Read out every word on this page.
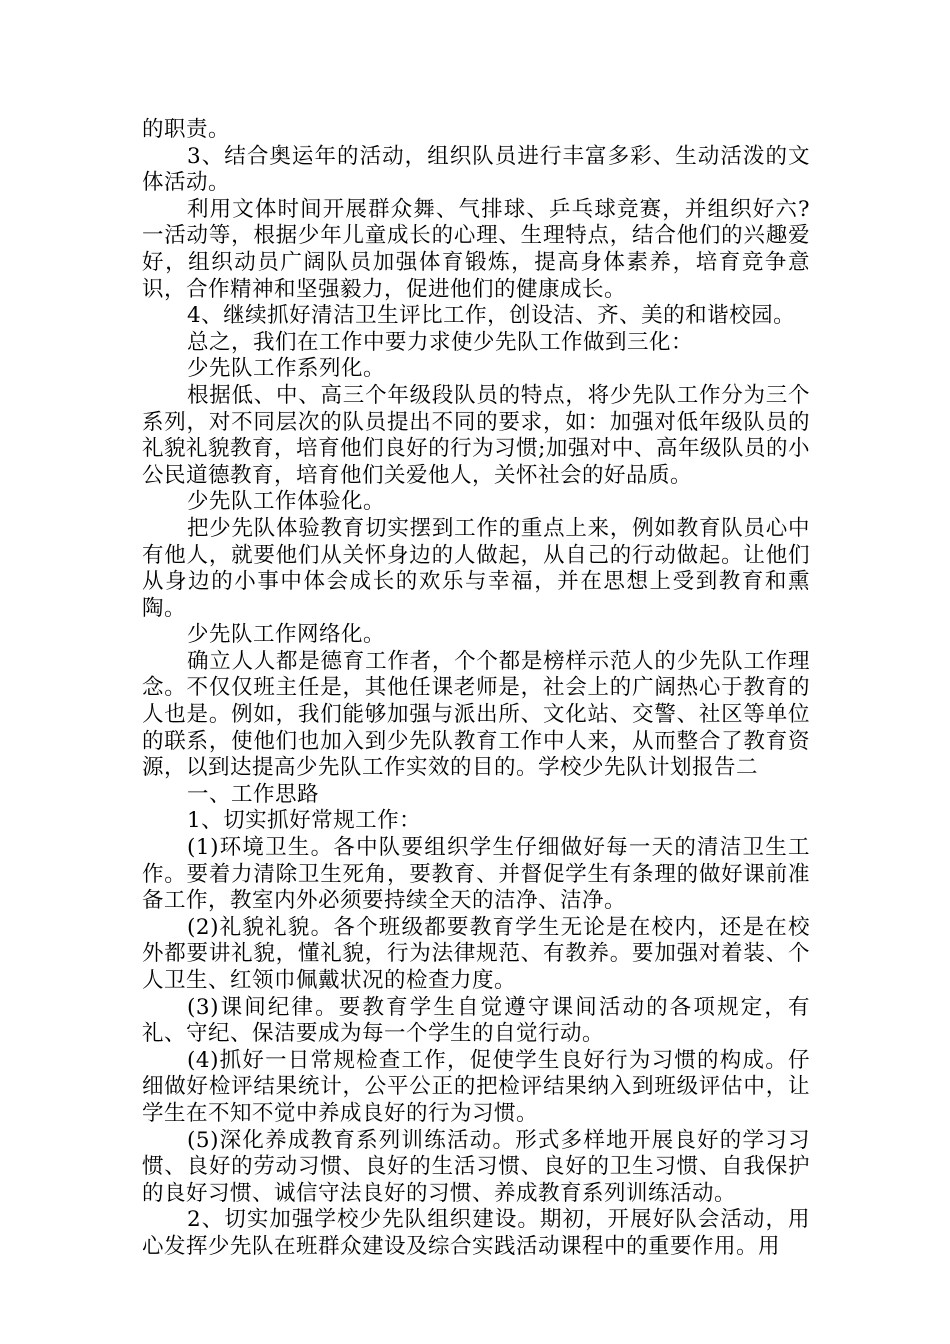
的职责。

3、结合奥运年的活动，组织队员进行丰富多彩、生动活泼的文体活动。

利用文体时间开展群众舞、气排球、乒乓球竞赛，并组织好六?一活动等，根据少年儿童成长的心理、生理特点，结合他们的兴趣爱好，组织动员广阔队员加强体育锻炼，提高身体素养，培育竞争意识，合作精神和坚强毅力，促进他们的健康成长。

4、继续抓好清洁卫生评比工作，创设洁、齐、美的和谐校园。

总之，我们在工作中要力求使少先队工作做到三化：

少先队工作系列化。

根据低、中、高三个年级段队员的特点，将少先队工作分为三个系列，对不同层次的队员提出不同的要求，如：加强对低年级队员的礼貌礼貌教育，培育他们良好的行为习惯;加强对中、高年级队员的小公民道德教育，培育他们关爱他人，关怀社会的好品质。

少先队工作体验化。

把少先队体验教育切实摆到工作的重点上来，例如教育队员心中有他人，就要他们从关怀身边的人做起，从自己的行动做起。让他们从身边的小事中体会成长的欢乐与幸福，并在思想上受到教育和熏陶。

少先队工作网络化。

确立人人都是德育工作者，个个都是榜样示范人的少先队工作理念。不仅仅班主任是，其他任课老师是，社会上的广阔热心于教育的人也是。例如，我们能够加强与派出所、文化站、交警、社区等单位的联系，使他们也加入到少先队教育工作中人来，从而整合了教育资源，以到达提高少先队工作实效的目的。学校少先队计划报告二

一、工作思路

1、切实抓好常规工作：

(1)环境卫生。各中队要组织学生仔细做好每一天的清洁卫生工作。要着力清除卫生死角，要教育、并督促学生有条理的做好课前准备工作，教室内外必须要持续全天的洁净、洁净。

(2)礼貌礼貌。各个班级都要教育学生无论是在校内，还是在校外都要讲礼貌，懂礼貌，行为法律规范、有教养。要加强对着装、个人卫生、红领巾佩戴状况的检查力度。

(3)课间纪律。要教育学生自觉遵守课间活动的各项规定，有礼、守纪、保洁要成为每一个学生的自觉行动。

(4)抓好一日常规检查工作，促使学生良好行为习惯的构成。仔细做好检评结果统计，公平公正的把检评结果纳入到班级评估中，让学生在不知不觉中养成良好的行为习惯。

(5)深化养成教育系列训练活动。形式多样地开展良好的学习习惯、良好的劳动习惯、良好的生活习惯、良好的卫生习惯、自我保护的良好习惯、诚信守法良好的习惯、养成教育系列训练活动。

2、切实加强学校少先队组织建设。期初，开展好队会活动，用心发挥少先队在班群众建设及综合实践活动课程中的重要作用。用
